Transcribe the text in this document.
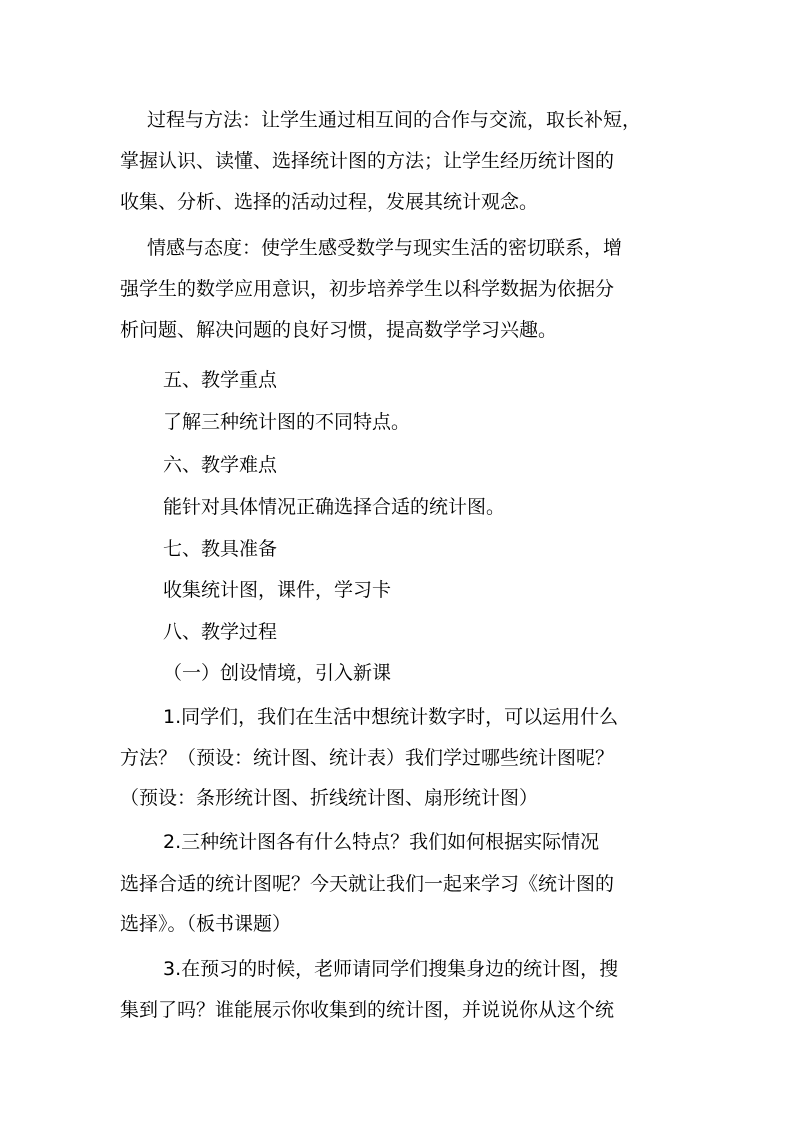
过程与方法：让学生通过相互间的合作与交流，取长补短，
掌握认识、读懂、选择统计图的方法；让学生经历统计图的
收集、分析、选择的活动过程，发展其统计观念。
情感与态度：使学生感受数学与现实生活的密切联系，增
强学生的数学应用意识，初步培养学生以科学数据为依据分
析问题、解决问题的良好习惯，提高数学学习兴趣。
五、教学重点
了解三种统计图的不同特点。
六、教学难点
能针对具体情况正确选择合适的统计图。
七、教具准备
收集统计图，课件，学习卡
八、教学过程
（一）创设情境，引入新课
1.同学们，我们在生活中想统计数字时，可以运用什么
方法？（预设：统计图、统计表）我们学过哪些统计图呢？
（预设：条形统计图、折线统计图、扇形统计图）
2.三种统计图各有什么特点？我们如何根据实际情况
选择合适的统计图呢？今天就让我们一起来学习《统计图的
选择》。（板书课题）
3.在预习的时候，老师请同学们搜集身边的统计图，搜
集到了吗？谁能展示你收集到的统计图，并说说你从这个统
